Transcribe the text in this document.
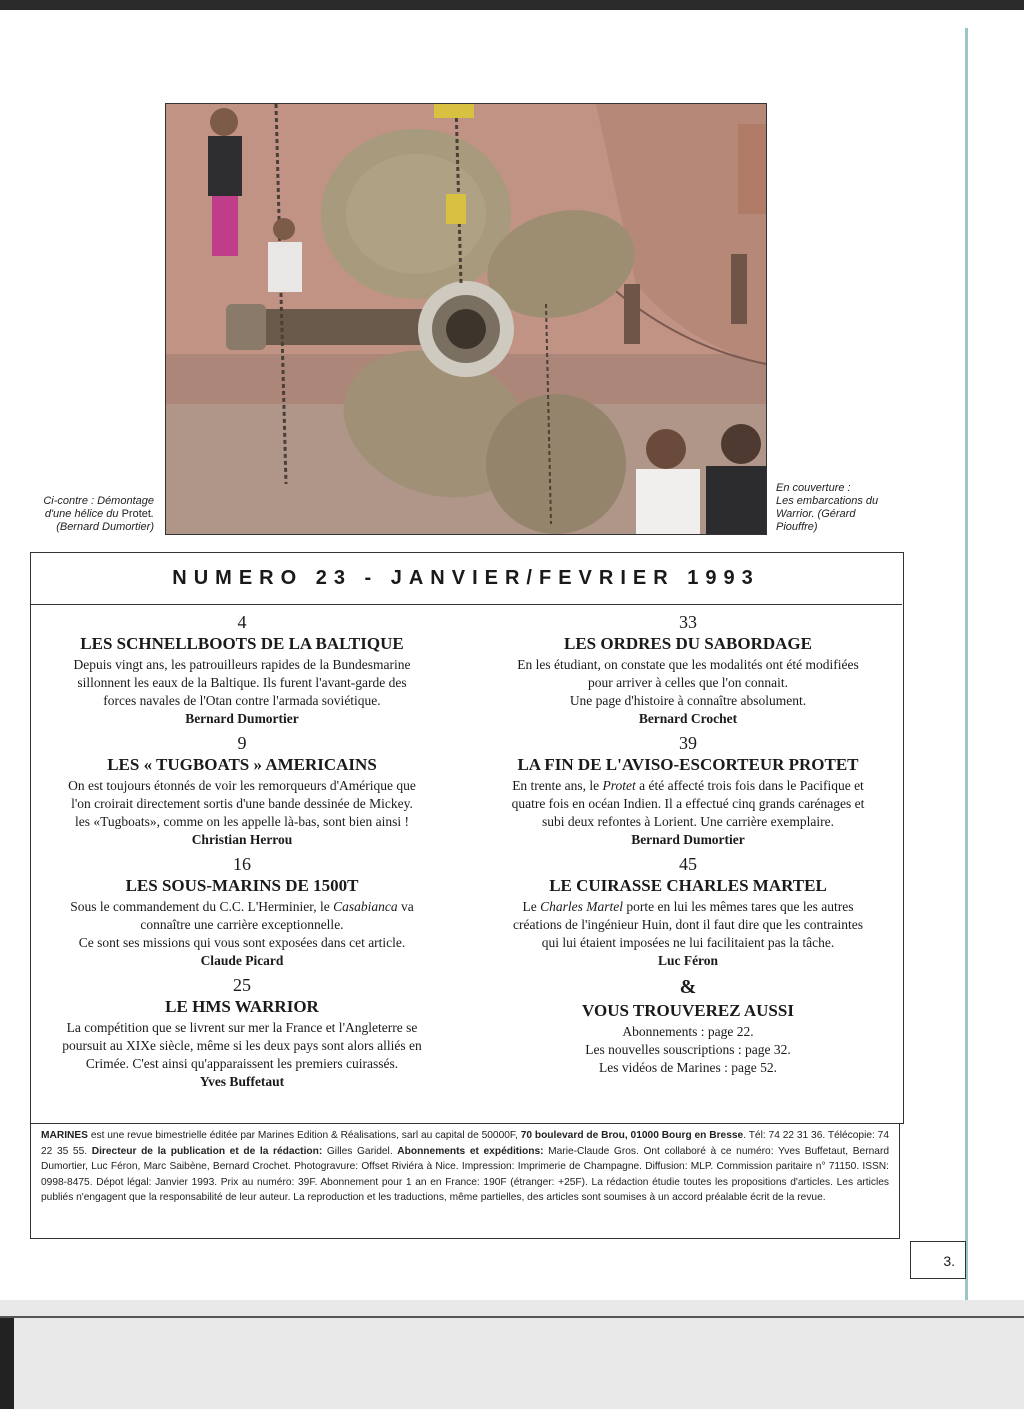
Ci-contre : Démontage
d'une hélice du Protet.
(Bernard Dumortier)
En couverture :
Les embarcations du
Warrior. (Gérard
Piouffre)
NUMERO 23 - JANVIER/FEVRIER 1993
4
LES SCHNELLBOOTS DE LA BALTIQUE
Depuis vingt ans, les patrouilleurs rapides de la Bundesmarine
sillonnent les eaux de la Baltique. Ils furent l'avant-garde des
forces navales de l'Otan contre l'armada soviétique.
Bernard Dumortier
9
LES « TUGBOATS » AMERICAINS
On est toujours étonnés de voir les remorqueurs d'Amérique que
l'on croirait directement sortis d'une bande dessinée de Mickey.
les «Tugboats», comme on les appelle là-bas, sont bien ainsi !
Christian Herrou
16
LES SOUS-MARINS DE 1500T
Sous le commandement du C.C. L'Herminier, le Casabianca va
connaître une carrière exceptionnelle.
Ce sont ses missions qui vous sont exposées dans cet article.
Claude Picard
25
LE HMS WARRIOR
La compétition que se livrent sur mer la France et l'Angleterre se
poursuit au XIXe siècle, même si les deux pays sont alors alliés en
Crimée. C'est ainsi qu'apparaissent les premiers cuirassés.
Yves Buffetaut
33
LES ORDRES DU SABORDAGE
En les étudiant, on constate que les modalités ont été modifiées
pour arriver à celles que l'on connait.
Une page d'histoire à connaître absolument.
Bernard Crochet
39
LA FIN DE L'AVISO-ESCORTEUR PROTET
En trente ans, le Protet a été affecté trois fois dans le Pacifique et
quatre fois en océan Indien. Il a effectué cinq grands carénages et
subi deux refontes à Lorient. Une carrière exemplaire.
Bernard Dumortier
45
LE CUIRASSE CHARLES MARTEL
Le Charles Martel porte en lui les mêmes tares que les autres
créations de l'ingénieur Huin, dont il faut dire que les contraintes
qui lui étaient imposées ne lui facilitaient pas la tâche.
Luc Féron
&
VOUS TROUVEREZ AUSSI
Abonnements : page 22.
Les nouvelles souscriptions : page 32.
Les vidéos de Marines : page 52.
MARINES est une revue bimestrielle éditée par Marines Edition & Réalisations, sarl au capital de 50000F, 70 boulevard de Brou, 01000 Bourg en Bresse. Tél: 74 22 31 36. Télécopie: 74 22 35 55. Directeur de la publication et de la rédaction: Gilles Garidel. Abonnements et expéditions: Marie-Claude Gros. Ont collaboré à ce numéro: Yves Buffetaut, Bernard Dumortier, Luc Féron, Marc Saibène, Bernard Crochet. Photogravure: Offset Riviéra à Nice. Impression: Imprimerie de Champagne. Diffusion: MLP. Commission paritaire n° 71150. ISSN: 0998-8475. Dépot légal: Janvier 1993. Prix au numéro: 39F. Abonnement pour 1 an en France: 190F (étranger: +25F). La rédaction étudie toutes les propositions d'articles. Les articles publiés n'engagent que la responsabilité de leur auteur. La reproduction et les traductions, même partielles, des articles sont soumises à un accord préalable écrit de la revue.
3.
